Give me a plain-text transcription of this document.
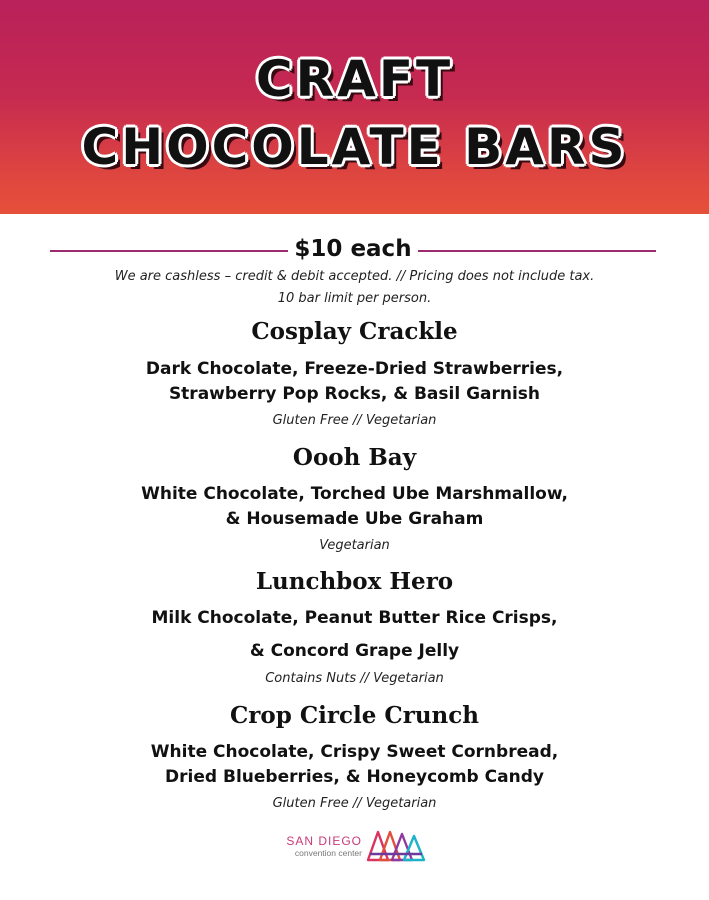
CRAFT
CHOCOLATE BARS
$10 each
We are cashless – credit & debit accepted. // Pricing does not include tax.
10 bar limit per person.
Cosplay Crackle
Dark Chocolate, Freeze-Dried Strawberries,
Strawberry Pop Rocks, & Basil Garnish
Gluten Free // Vegetarian
Oooh Bay
White Chocolate, Torched Ube Marshmallow,
& Housemade Ube Graham
Vegetarian
Lunchbox Hero
Milk Chocolate, Peanut Butter Rice Crisps,
& Concord Grape Jelly
Contains Nuts // Vegetarian
Crop Circle Crunch
White Chocolate, Crispy Sweet Cornbread,
Dried Blueberries, & Honeycomb Candy
Gluten Free // Vegetarian
SAN DIEGO
convention center
